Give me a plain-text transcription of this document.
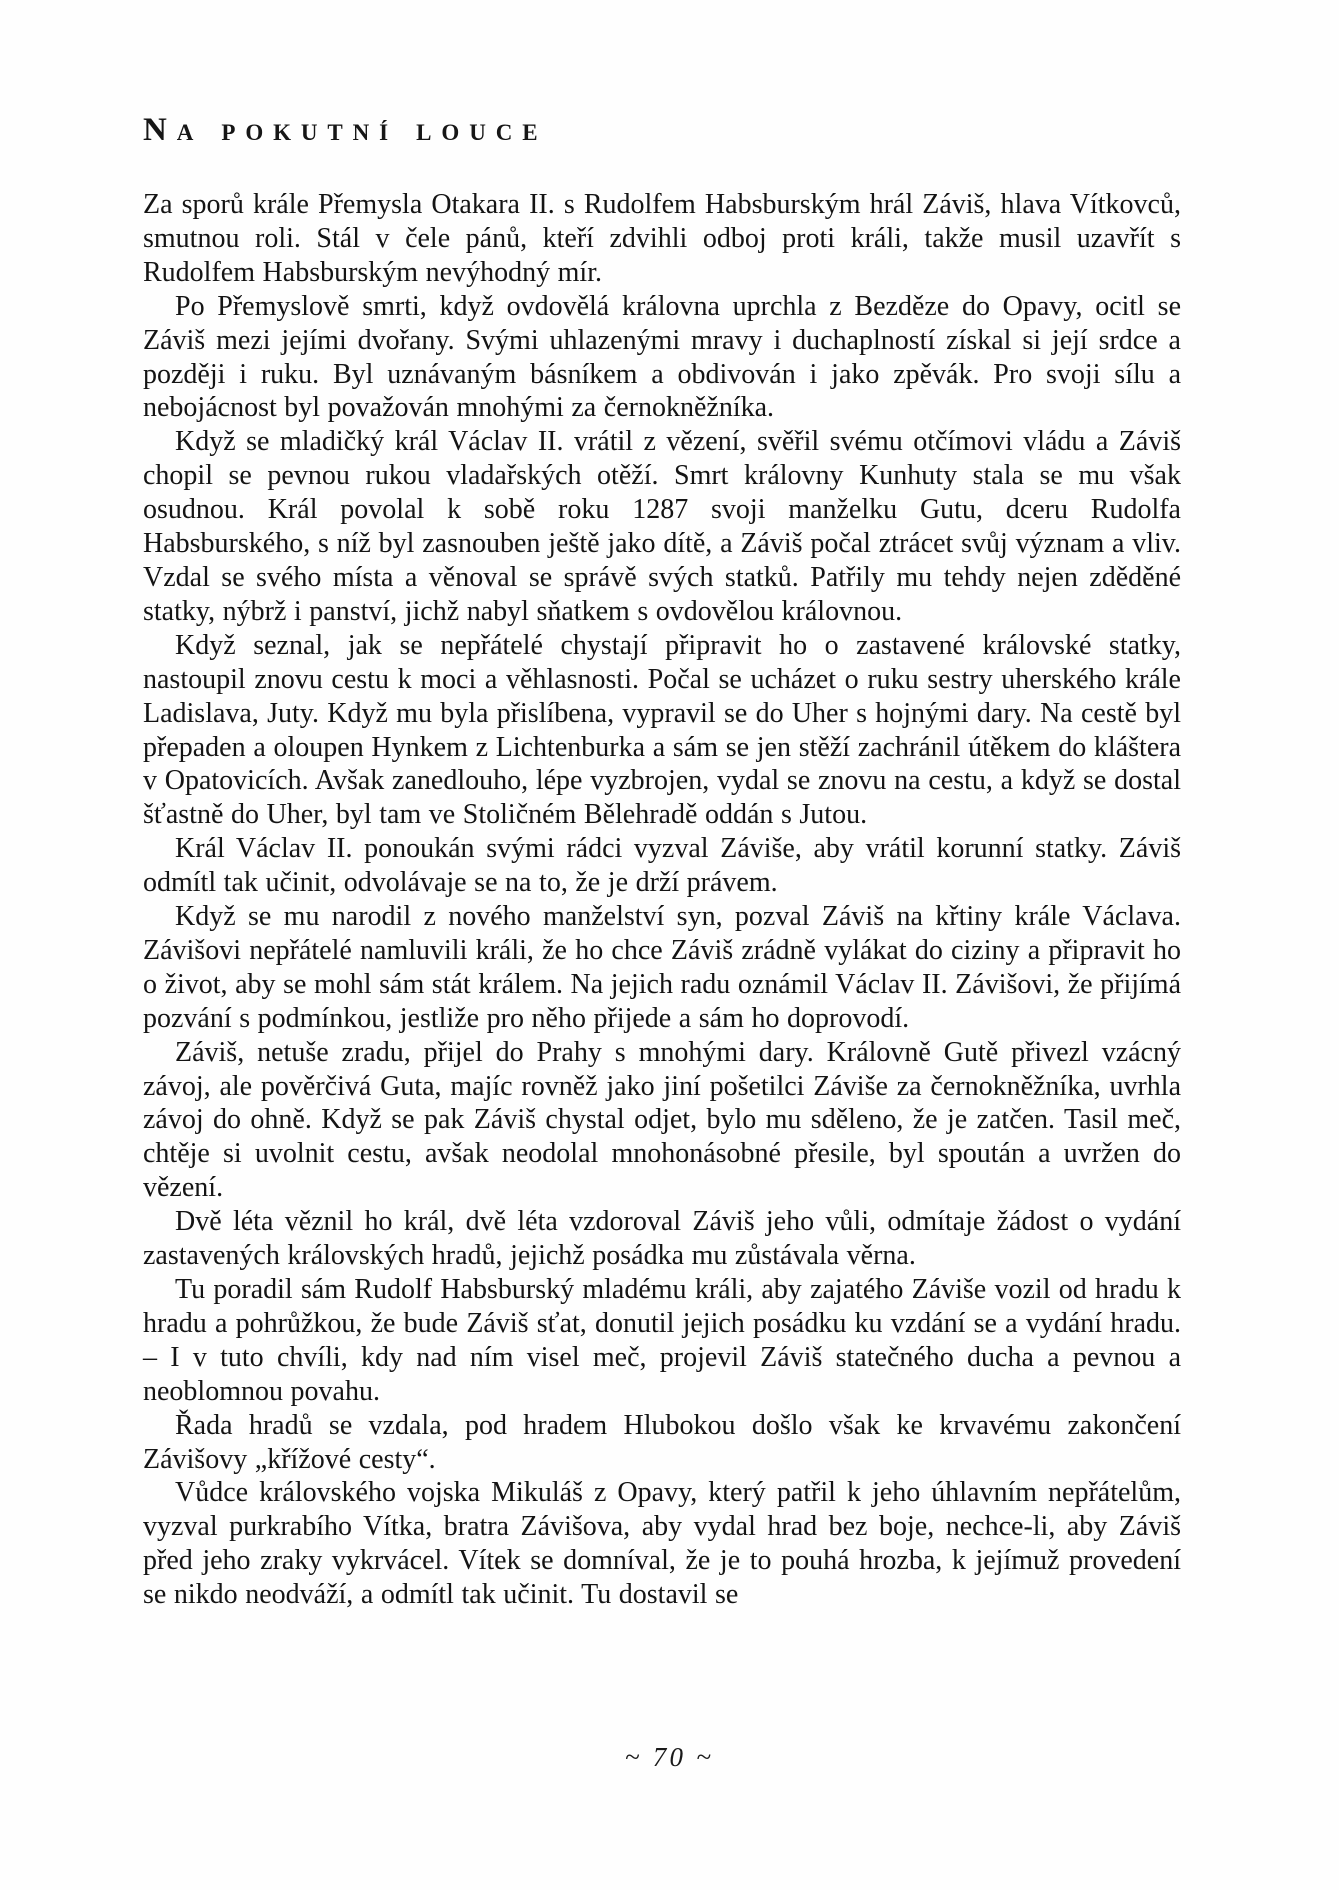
Na pokutní louce

Za sporů krále Přemysla Otakara II. s Rudolfem Habsburským hrál Záviš, hlava Vítkovců, smutnou roli. Stál v čele pánů, kteří zdvihli odboj proti králi, takže musil uzavřít s Rudolfem Habsburským nevýhodný mír.

Po Přemyslově smrti, když ovdovělá královna uprchla z Bezděze do Opavy, ocitl se Záviš mezi jejími dvořany. Svými uhlazenými mravy i duchaplností získal si její srdce a později i ruku. Byl uznávaným básníkem a obdivován i jako zpěvák. Pro svoji sílu a nebojácnost byl považován mnohými za černokněžníka.

Když se mladičký král Václav II. vrátil z vězení, svěřil svému otčímovi vládu a Záviš chopil se pevnou rukou vladařských otěží. Smrt královny Kunhuty stala se mu však osudnou. Král povolal k sobě roku 1287 svoji manželku Gutu, dceru Rudolfa Habsburského, s níž byl zasnouben ještě jako dítě, a Záviš počal ztrácet svůj význam a vliv. Vzdal se svého místa a věnoval se správě svých statků. Patřily mu tehdy nejen zděděné statky, nýbrž i panství, jichž nabyl sňatkem s ovdovělou královnou.

Když seznal, jak se nepřátelé chystají připravit ho o zastavené královské statky, nastoupil znovu cestu k moci a věhlasnosti. Počal se ucházet o ruku sestry uherského krále Ladislava, Juty. Když mu byla přislíbena, vypravil se do Uher s hojnými dary. Na cestě byl přepaden a oloupen Hynkem z Lichtenburka a sám se jen stěží zachránil útěkem do kláštera v Opatovicích. Avšak zanedlouho, lépe vyzbrojen, vydal se znovu na cestu, a když se dostal šťastně do Uher, byl tam ve Stoličném Bělehradě oddán s Jutou.

Král Václav II. ponoukán svými rádci vyzval Záviše, aby vrátil korunní statky. Záviš odmítl tak učinit, odvolávaje se na to, že je drží právem.

Když se mu narodil z nového manželství syn, pozval Záviš na křtiny krále Václava. Závišovi nepřátelé namluvili králi, že ho chce Záviš zrádně vylákat do ciziny a připravit ho o život, aby se mohl sám stát králem. Na jejich radu oznámil Václav II. Závišovi, že přijímá pozvání s podmínkou, jestliže pro něho přijede a sám ho doprovodí.

Záviš, netuše zradu, přijel do Prahy s mnohými dary. Královně Gutě přivezl vzácný závoj, ale pověrčivá Guta, majíc rovněž jako jiní pošetilci Záviše za černokněžníka, uvrhla závoj do ohně. Když se pak Záviš chystal odjet, bylo mu sděleno, že je zatčen. Tasil meč, chtěje si uvolnit cestu, avšak neodolal mnohonásobné přesile, byl spoután a uvržen do vězení.

Dvě léta věznil ho král, dvě léta vzdoroval Záviš jeho vůli, odmítaje žádost o vydání zastavených královských hradů, jejichž posádka mu zůstávala věrna.

Tu poradil sám Rudolf Habsburský mladému králi, aby zajatého Záviše vozil od hradu k hradu a pohrůžkou, že bude Záviš sťat, donutil jejich posádku ku vzdání se a vydání hradu. – I v tuto chvíli, kdy nad ním visel meč, projevil Záviš statečného ducha a pevnou a neoblomnou povahu.

Řada hradů se vzdala, pod hradem Hlubokou došlo však ke krvavému zakončení Závišovy „křížové cesty“.

Vůdce královského vojska Mikuláš z Opavy, který patřil k jeho úhlavním nepřátelům, vyzval purkrabího Vítka, bratra Závišova, aby vydal hrad bez boje, nechce-li, aby Záviš před jeho zraky vykrvácel. Vítek se domníval, že je to pouhá hrozba, k jejímuž provedení se nikdo neodváží, a odmítl tak učinit. Tu dostavil se

~ 70 ~
